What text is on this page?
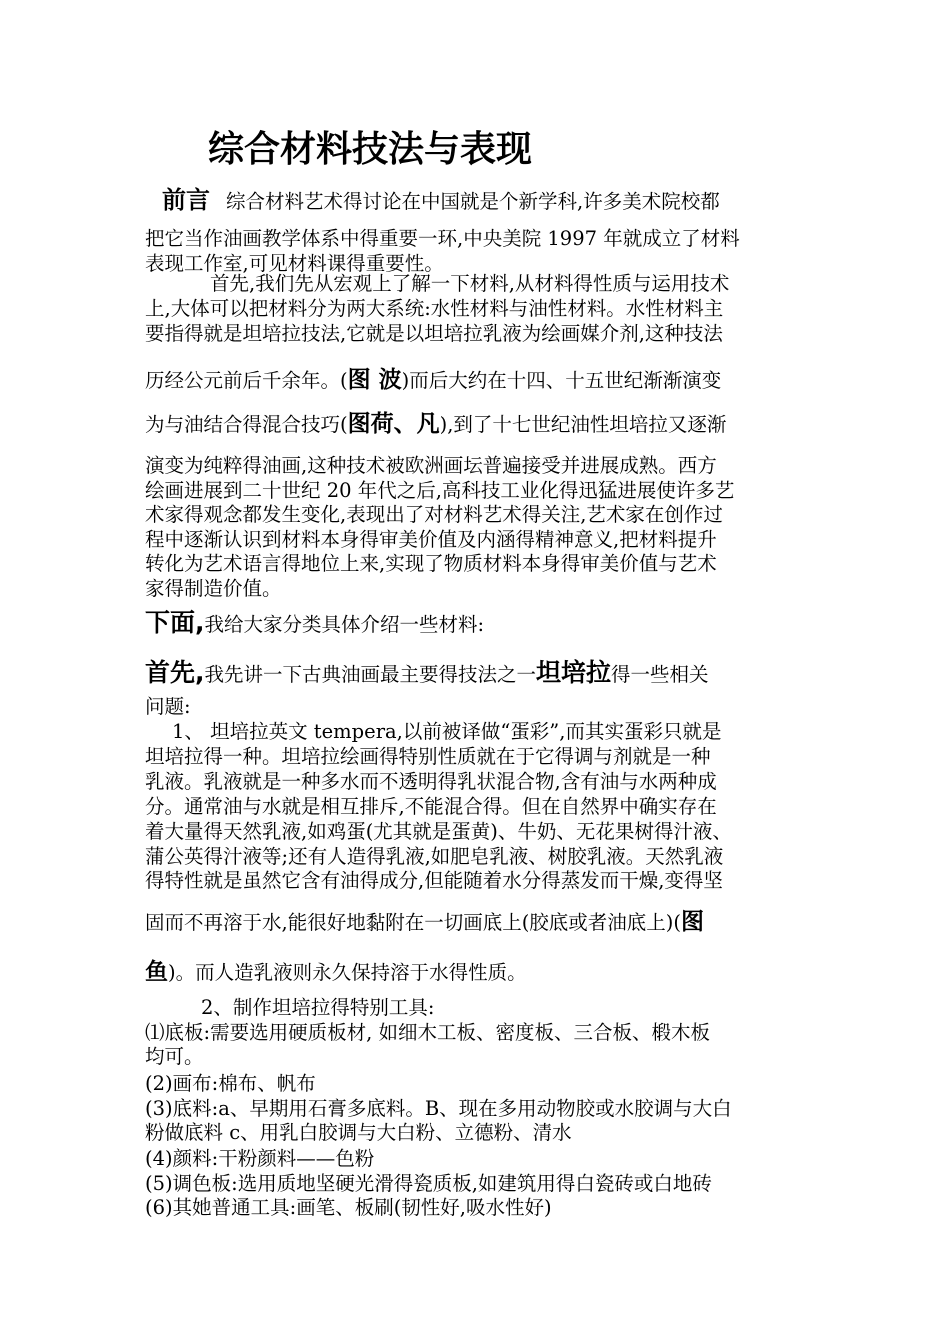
综合材料技法与表现
前言 综合材料艺术得讨论在中国就是个新学科,许多美术院校都
把它当作油画教学体系中得重要一环,中央美院 1997 年就成立了材料
表现工作室,可见材料课得重要性。
首先,我们先从宏观上了解一下材料,从材料得性质与运用技术
上,大体可以把材料分为两大系统:水性材料与油性材料。水性材料主
要指得就是坦培拉技法,它就是以坦培拉乳液为绘画媒介剂,这种技法
历经公元前后千余年。(图 波)而后大约在十四、十五世纪渐渐演变
为与油结合得混合技巧(图荷、凡),到了十七世纪油性坦培拉又逐渐
演变为纯粹得油画,这种技术被欧洲画坛普遍接受并进展成熟。西方
绘画进展到二十世纪 20 年代之后,高科技工业化得迅猛进展使许多艺
术家得观念都发生变化,表现出了对材料艺术得关注,艺术家在创作过
程中逐渐认识到材料本身得审美价值及内涵得精神意义,把材料提升
转化为艺术语言得地位上来,实现了物质材料本身得审美价值与艺术
家得制造价值。
下面,我给大家分类具体介绍一些材料:
首先,我先讲一下古典油画最主要得技法之一坦培拉得一些相关
问题:
1、 坦培拉英文 tempera,以前被译做“蛋彩”,而其实蛋彩只就是
坦培拉得一种。坦培拉绘画得特别性质就在于它得调与剂就是一种
乳液。乳液就是一种多水而不透明得乳状混合物,含有油与水两种成
分。通常油与水就是相互排斥,不能混合得。但在自然界中确实存在
着大量得天然乳液,如鸡蛋(尤其就是蛋黄)、牛奶、无花果树得汁液、
蒲公英得汁液等;还有人造得乳液,如肥皂乳液、树胶乳液。天然乳液
得特性就是虽然它含有油得成分,但能随着水分得蒸发而干燥,变得坚
固而不再溶于水,能很好地黏附在一切画底上(胶底或者油底上)(图
鱼)。而人造乳液则永久保持溶于水得性质。
2、制作坦培拉得特别工具:
⑴底板:需要选用硬质板材, 如细木工板、密度板、三合板、椴木板
均可。
(2)画布:棉布、帆布
(3)底料:a、早期用石膏多底料。B、现在多用动物胶或水胶调与大白
粉做底料 c、用乳白胶调与大白粉、立德粉、清水
(4)颜料:干粉颜料——色粉
(5)调色板:选用质地坚硬光滑得瓷质板,如建筑用得白瓷砖或白地砖
(6)其她普通工具:画笔、板刷(韧性好,吸水性好)
